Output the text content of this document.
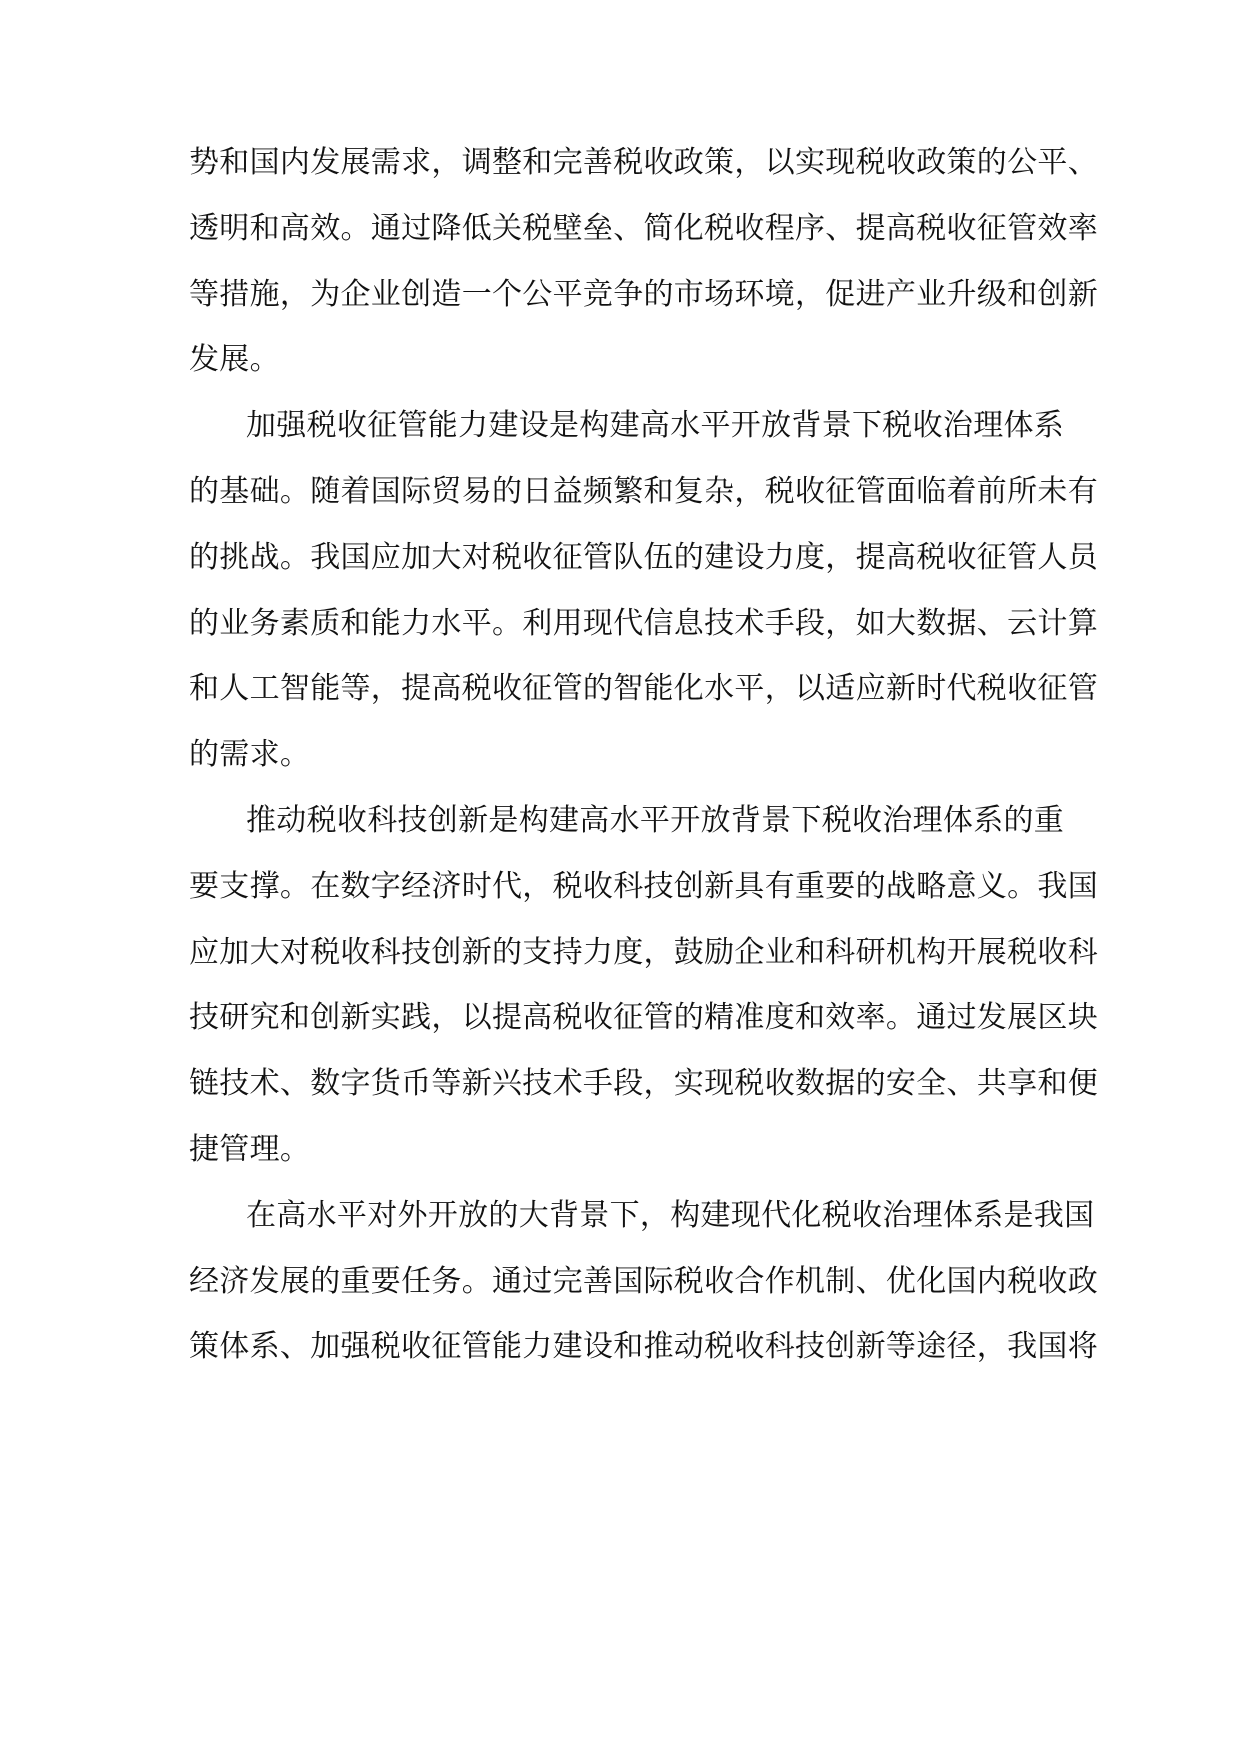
势和国内发展需求，调整和完善税收政策，以实现税收政策的公平、
透明和高效。通过降低关税壁垒、简化税收程序、提高税收征管效率
等措施，为企业创造一个公平竞争的市场环境，促进产业升级和创新
发展。
加强税收征管能力建设是构建高水平开放背景下税收治理体系
的基础。随着国际贸易的日益频繁和复杂，税收征管面临着前所未有
的挑战。我国应加大对税收征管队伍的建设力度，提高税收征管人员
的业务素质和能力水平。利用现代信息技术手段，如大数据、云计算
和人工智能等，提高税收征管的智能化水平，以适应新时代税收征管
的需求。
推动税收科技创新是构建高水平开放背景下税收治理体系的重
要支撑。在数字经济时代，税收科技创新具有重要的战略意义。我国
应加大对税收科技创新的支持力度，鼓励企业和科研机构开展税收科
技研究和创新实践，以提高税收征管的精准度和效率。通过发展区块
链技术、数字货币等新兴技术手段，实现税收数据的安全、共享和便
捷管理。
在高水平对外开放的大背景下，构建现代化税收治理体系是我国
经济发展的重要任务。通过完善国际税收合作机制、优化国内税收政
策体系、加强税收征管能力建设和推动税收科技创新等途径，我国将
